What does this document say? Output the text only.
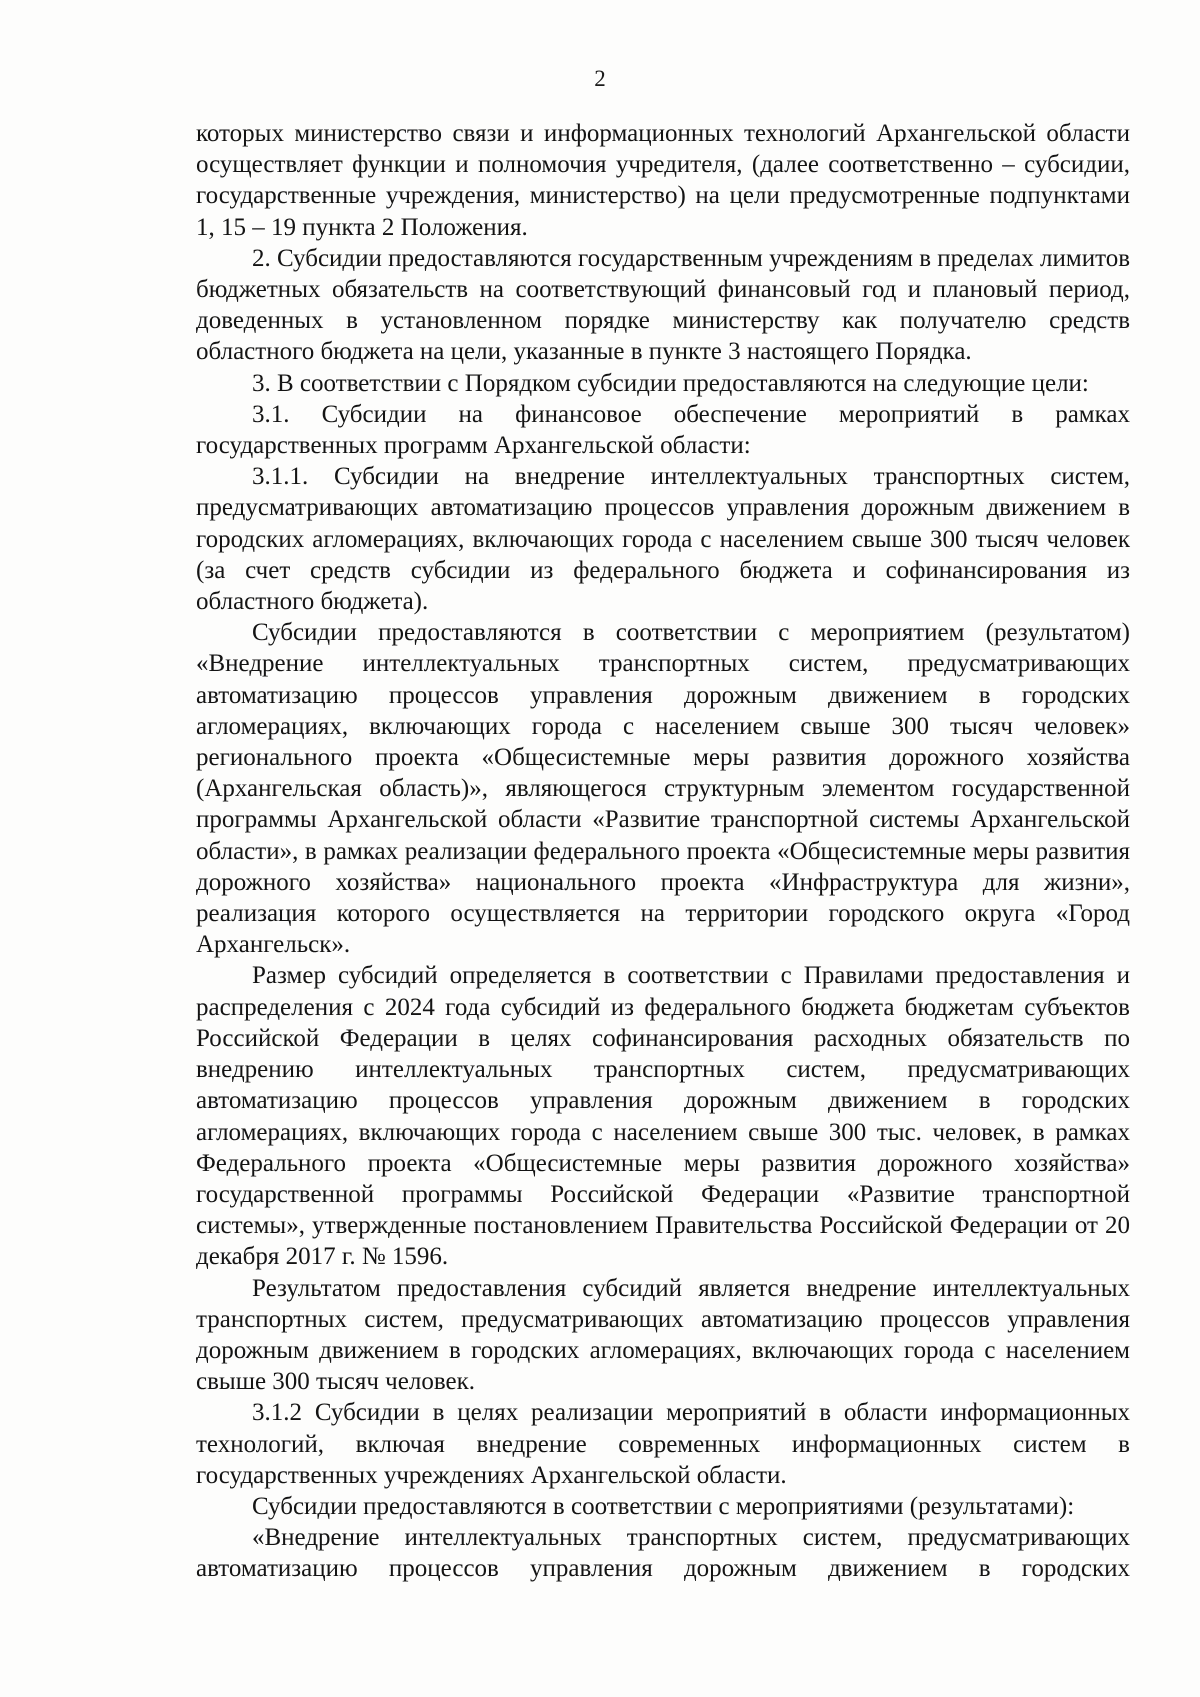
2

которых министерство связи и информационных технологий Архангельской области осуществляет функции и полномочия учредителя, (далее соответственно – субсидии, государственные учреждения, министерство) на цели предусмотренные подпунктами 1, 15 – 19 пункта 2 Положения.

2. Субсидии предоставляются государственным учреждениям в пределах лимитов бюджетных обязательств на соответствующий финансовый год и плановый период, доведенных в установленном порядке министерству как получателю средств областного бюджета на цели, указанные в пункте 3 настоящего Порядка.

3. В соответствии с Порядком субсидии предоставляются на следующие цели:

3.1. Субсидии на финансовое обеспечение мероприятий в рамках государственных программ Архангельской области:

3.1.1. Субсидии на внедрение интеллектуальных транспортных систем, предусматривающих автоматизацию процессов управления дорожным движением в городских агломерациях, включающих города с населением свыше 300 тысяч человек (за счет средств субсидии из федерального бюджета и софинансирования из областного бюджета).

Субсидии предоставляются в соответствии с мероприятием (результатом) «Внедрение интеллектуальных транспортных систем, предусматривающих автоматизацию процессов управления дорожным движением в городских агломерациях, включающих города с населением свыше 300 тысяч человек» регионального проекта «Общесистемные меры развития дорожного хозяйства (Архангельская область)», являющегося структурным элементом государственной программы Архангельской области «Развитие транспортной системы Архангельской области», в рамках реализации федерального проекта «Общесистемные меры развития дорожного хозяйства» национального проекта «Инфраструктура для жизни», реализация которого осуществляется на территории городского округа «Город Архангельск».

Размер субсидий определяется в соответствии с Правилами предоставления и распределения с 2024 года субсидий из федерального бюджета бюджетам субъектов Российской Федерации в целях софинансирования расходных обязательств по внедрению интеллектуальных транспортных систем, предусматривающих автоматизацию процессов управления дорожным движением в городских агломерациях, включающих города с населением свыше 300 тыс. человек, в рамках Федерального проекта «Общесистемные меры развития дорожного хозяйства» государственной программы Российской Федерации «Развитие транспортной системы», утвержденные постановлением Правительства Российской Федерации от 20 декабря 2017 г. № 1596.

Результатом предоставления субсидий является внедрение интеллектуальных транспортных систем, предусматривающих автоматизацию процессов управления дорожным движением в городских агломерациях, включающих города с населением свыше 300 тысяч человек.

3.1.2 Субсидии в целях реализации мероприятий в области информационных технологий, включая внедрение современных информационных систем в государственных учреждениях Архангельской области.

Субсидии предоставляются в соответствии с мероприятиями (результатами):

«Внедрение интеллектуальных транспортных систем, предусматривающих автоматизацию процессов управления дорожным движением в городских
